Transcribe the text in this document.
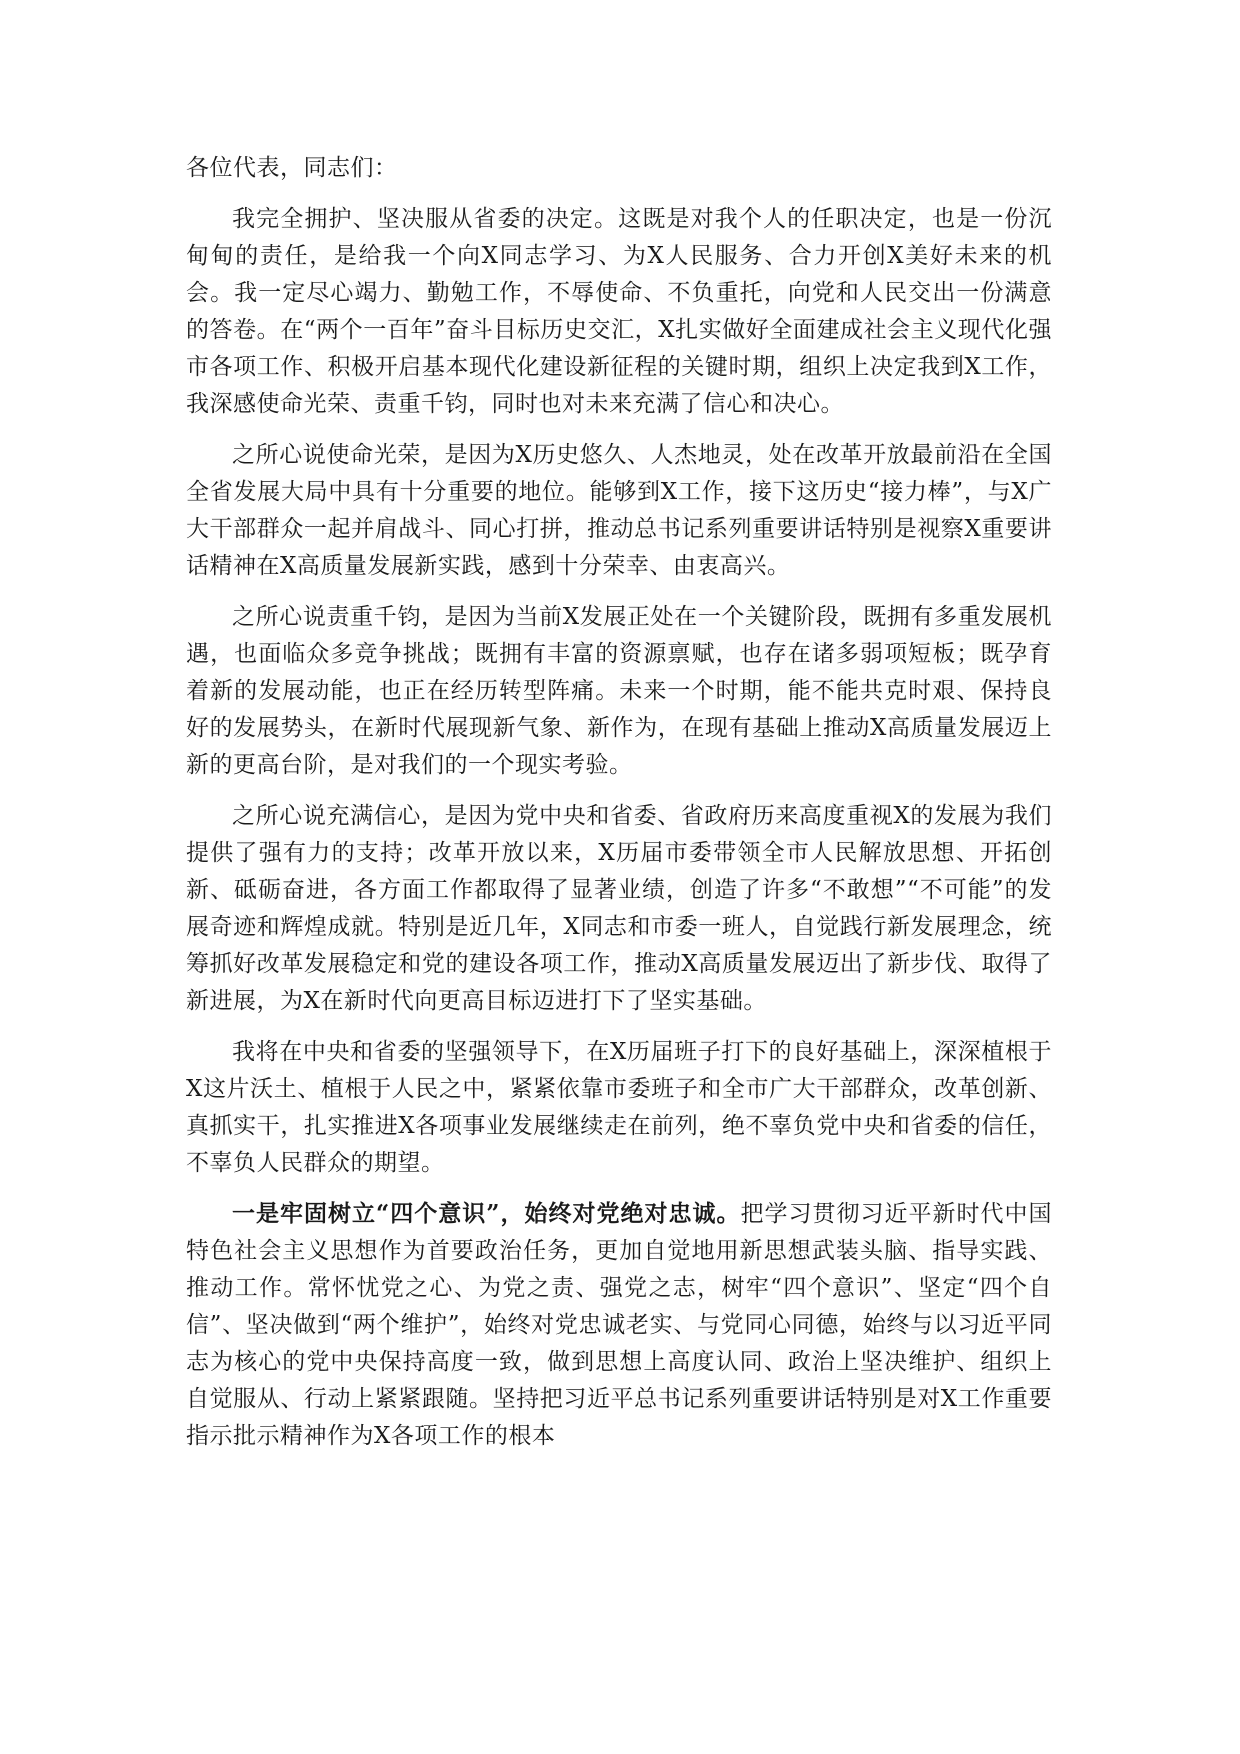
各位代表，同志们：

我完全拥护、坚决服从省委的决定。这既是对我个人的任职决定，也是一份沉甸甸的责任，是给我一个向X同志学习、为X人民服务、合力开创X美好未来的机会。我一定尽心竭力、勤勉工作，不辱使命、不负重托，向党和人民交出一份满意的答卷。在“两个一百年”奋斗目标历史交汇，X扎实做好全面建成社会主义现代化强市各项工作、积极开启基本现代化建设新征程的关键时期，组织上决定我到X工作，我深感使命光荣、责重千钧，同时也对未来充满了信心和决心。

之所心说使命光荣，是因为X历史悠久、人杰地灵，处在改革开放最前沿在全国全省发展大局中具有十分重要的地位。能够到X工作，接下这历史“接力棒”，与X广大干部群众一起并肩战斗、同心打拼，推动总书记系列重要讲话特别是视察X重要讲话精神在X高质量发展新实践，感到十分荣幸、由衷高兴。

之所心说责重千钧，是因为当前X发展正处在一个关键阶段，既拥有多重发展机遇，也面临众多竞争挑战；既拥有丰富的资源禀赋，也存在诸多弱项短板；既孕育着新的发展动能，也正在经历转型阵痛。未来一个时期，能不能共克时艰、保持良好的发展势头，在新时代展现新气象、新作为，在现有基础上推动X高质量发展迈上新的更高台阶，是对我们的一个现实考验。

之所心说充满信心，是因为党中央和省委、省政府历来高度重视X的发展为我们提供了强有力的支持；改革开放以来，X历届市委带领全市人民解放思想、开拓创新、砥砺奋进，各方面工作都取得了显著业绩，创造了许多“不敢想”“不可能”的发展奇迹和辉煌成就。特别是近几年，X同志和市委一班人，自觉践行新发展理念，统筹抓好改革发展稳定和党的建设各项工作，推动X高质量发展迈出了新步伐、取得了新进展，为X在新时代向更高目标迈进打下了坚实基础。

我将在中央和省委的坚强领导下，在X历届班子打下的良好基础上，深深植根于X这片沃土、植根于人民之中，紧紧依靠市委班子和全市广大干部群众，改革创新、真抓实干，扎实推进X各项事业发展继续走在前列，绝不辜负党中央和省委的信任，不辜负人民群众的期望。

一是牢固树立“四个意识”，始终对党绝对忠诚。把学习贯彻习近平新时代中国特色社会主义思想作为首要政治任务，更加自觉地用新思想武装头脑、指导实践、推动工作。常怀忧党之心、为党之责、强党之志，树牢“四个意识”、坚定“四个自信”、坚决做到“两个维护”，始终对党忠诚老实、与党同心同德，始终与以习近平同志为核心的党中央保持高度一致，做到思想上高度认同、政治上坚决维护、组织上自觉服从、行动上紧紧跟随。坚持把习近平总书记系列重要讲话特别是对X工作重要指示批示精神作为X各项工作的根本
